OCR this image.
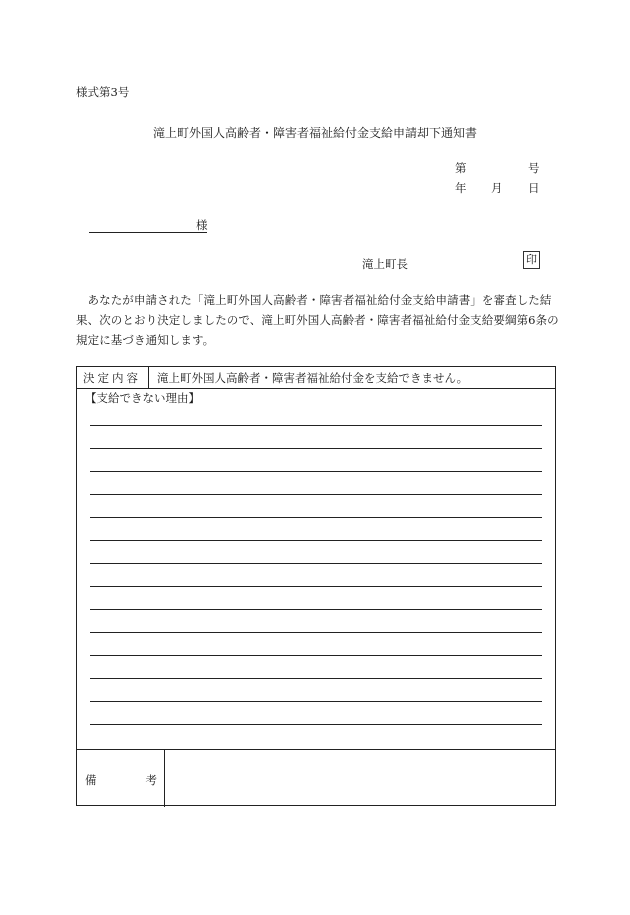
様式第3号
滝上町外国人高齢者・障害者福祉給付金支給申請却下通知書
第	号
年 月 日
様
滝上町長	印
あなたが申請された「滝上町外国人高齢者・障害者福祉給付金支給申請書」を審査した結果、次のとおり決定しましたので、滝上町外国人高齢者・障害者福祉給付金支給要綱第6条の規定に基づき通知します。
決定内容 滝上町外国人高齢者・障害者福祉給付金を支給できません。
【支給できない理由】
備	考
